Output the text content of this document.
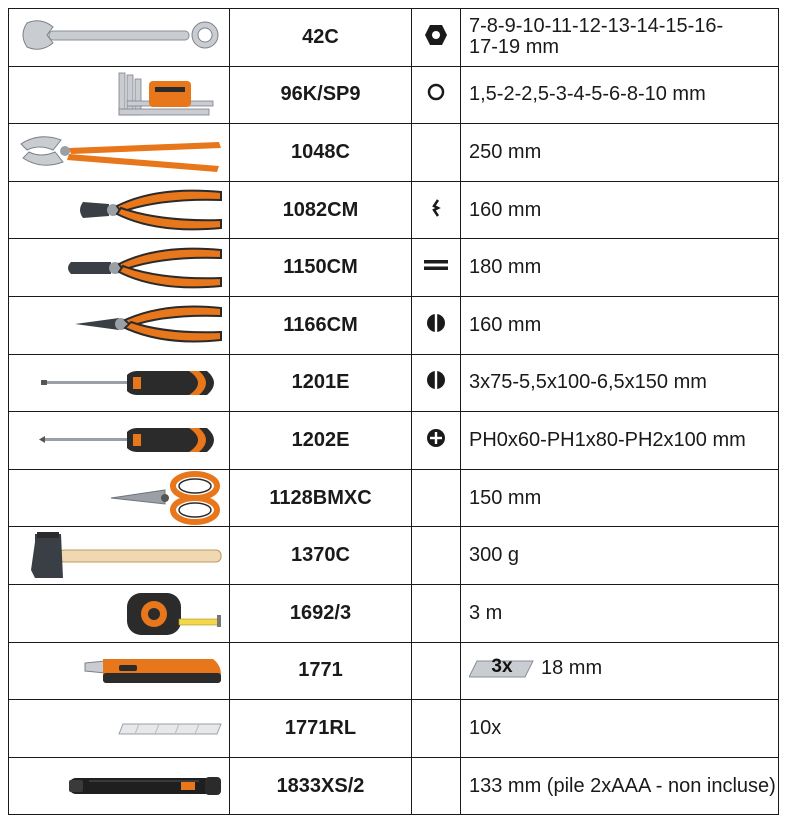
	42C		7-8-9-10-11-12-13-14-15-16-
17-19 mm

	96K/SP9		1,5-2-2,5-3-4-5-6-8-10 mm

	1048C		250 mm

	1082CM		160 mm

	1150CM		180 mm

	1166CM		160 mm

	1201E		3x75-5,5x100-6,5x150 mm

	1202E		PH0x60-PH1x80-PH2x100 mm

	1128BMXC		150 mm

	1370C		300 g

	1692/3		3 m

	1771		3x 18 mm

	1771RL		10x

	1833XS/2		133 mm (pile 2xAAA - non incluse)
